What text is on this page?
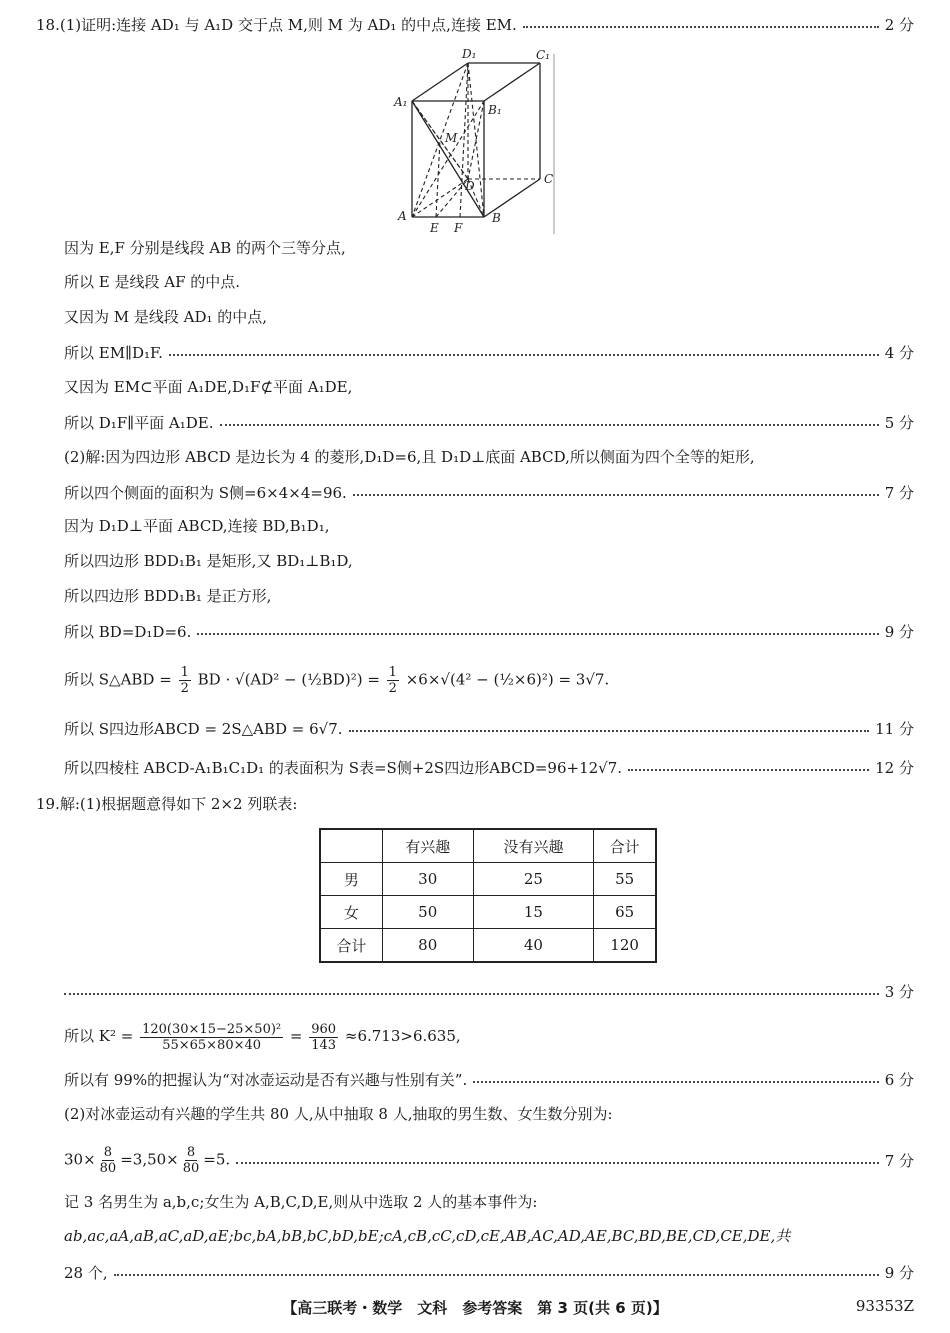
18.(1)证明:连接 AD₁ 与 A₁D 交于点 M,则 M 为 AD₁ 的中点,连接 EM.	2 分
D₁	C₁
A₁
B₁
M
D	C
A
E F
B
因为 E,F 分别是线段 AB 的两个三等分点,
所以 E 是线段 AF 的中点.
又因为 M 是线段 AD₁ 的中点,
所以 EM∥D₁F.	4 分
又因为 EM⊂平面 A₁DE,D₁F⊄平面 A₁DE,
所以 D₁F∥平面 A₁DE.	5 分
(2)解:因为四边形 ABCD 是边长为 4 的菱形,D₁D=6,且 D₁D⊥底面 ABCD,所以侧面为四个全等的矩形,
所以四个侧面的面积为 S侧=6×4×4=96.	7 分
因为 D₁D⊥平面 ABCD,连接 BD,B₁D₁,
所以四边形 BDD₁B₁ 是矩形,又 BD₁⊥B₁D,
所以四边形 BDD₁B₁ 是正方形,
所以 BD=D₁D=6.	9 分
所以 S△ABD = $\frac{1}{2}$ BD · √(AD² − (½BD)²) = $\frac{1}{2} \times 6\times√(4^2$ − (½×6)²) = 3√7.
所以 S四边形ABCD = 2S△ABD = 6√7.	11 分
所以四棱柱 ABCD-A₁B₁C₁D₁ 的表面积为 S表=S侧+2S四边形ABCD=96+12√7.	12 分
19.解:(1)根据题意得如下 2×2 列联表:
	有兴趣	没有兴趣	合计
男	30	25	55
女	50	15	65
合计	80	40	120
3 分
所以 $K^2 = \frac{\text{120(30×15−25×50)²}}{55\times 65\times 80\times 40} = \frac{960}{143} \approx 6.713>6.635$,
所以有 99%的把握认为“对冰壶运动是否有兴趣与性别有关”.	6 分
(2)对冰壶运动有兴趣的学生共 80 人,从中抽取 8 人,抽取的男生数、女生数分别为:
$30\times \frac{8}{80} =3,50\times \frac{8}{80} =5$.	7 分
记 3 名男生为 a,b,c;女生为 A,B,C,D,E,则从中选取 2 人的基本事件为:
ab,ac,aA,aB,aC,aD,aE;bc,bA,bB,bC,bD,bE;cA,cB,cC,cD,cE,AB,AC,AD,AE,BC,BD,BE,CD,CE,DE,共
28 个,	9 分
【高三联考・数学　文科　参考答案　第 3 页(共 6 页)】	93353Z
